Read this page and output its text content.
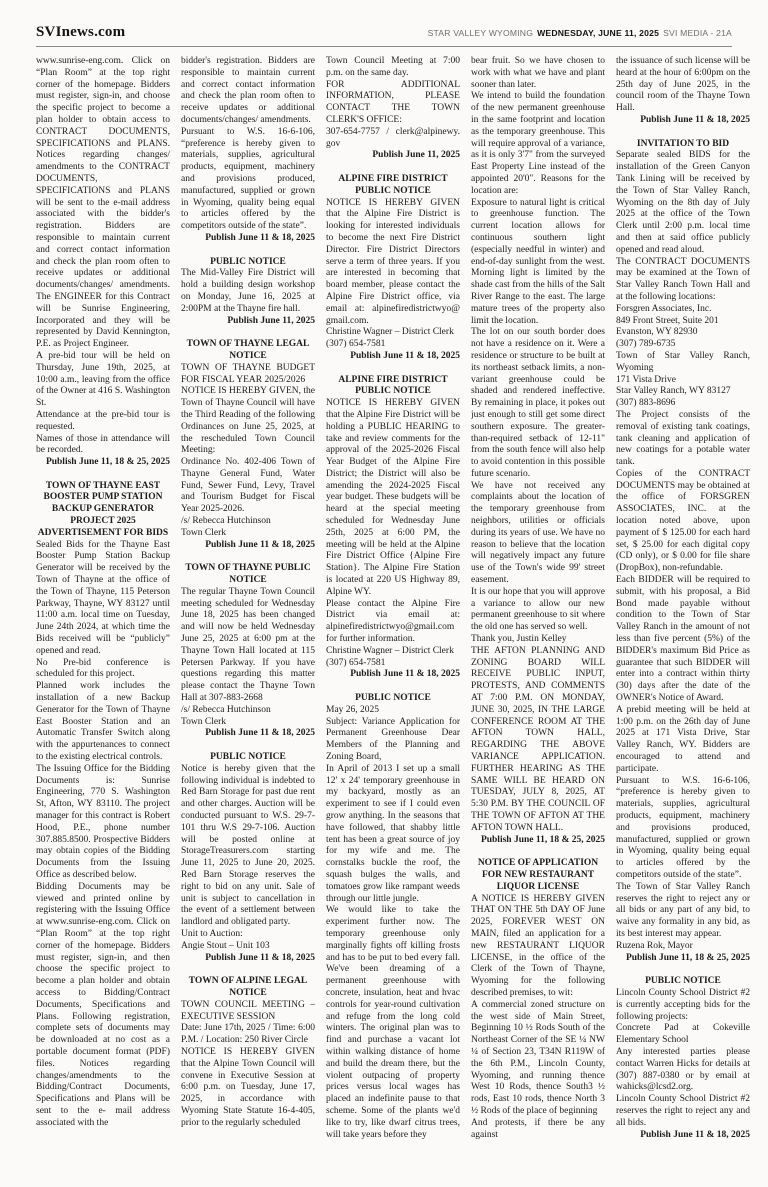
SVInews.com	STAR VALLEY WYOMING WEDNESDAY, JUNE 11, 2025 SVI MEDIA - 21A
www.sunrise-eng.com. Click on “Plan Room” at the top right corner of the homepage. Bidders must register, sign-in, and choose the specific project to become a plan holder to obtain access to CONTRACT DOCUMENTS, SPECIFICATIONS and PLANS. Notices regarding changes/ amendments to the CONTRACT DOCUMENTS, SPECIFICATIONS and PLANS will be sent to the e-mail address associated with the bidder's registration. Bidders are responsible to maintain current and correct contact information and check the plan room often to receive updates or additional documents/changes/ amendments. The ENGINEER for this Contract will be Sunrise Engineering, Incorporated and they will be represented by David Kennington, P.E. as Project Engineer.
A pre-bid tour will be held on Thursday, June 19th, 2025, at 10:00 a.m., leaving from the office of the Owner at 416 S. Washington St.
Attendance at the pre-bid tour is requested.
Names of those in attendance will be recorded.
Publish June 11, 18 & 25, 2025
TOWN OF THAYNE EAST BOOSTER PUMP STATION BACKUP GENERATOR PROJECT 2025 ADVERTISEMENT FOR BIDS
Sealed Bids for the Thayne East Booster Pump Station Backup Generator will be received by the Town of Thayne at the office of the Town of Thayne, 115 Peterson Parkway, Thayne, WY 83127 until 11:00 a.m. local time on Tuesday, June 24th 2024, at which time the Bids received will be “publicly” opened and read.
No Pre-bid conference is scheduled for this project.
Planned work includes the installation of a new Backup Generator for the Town of Thayne East Booster Station and an Automatic Transfer Switch along with the appurtenances to connect to the existing electrical controls.
The Issuing Office for the Bidding Documents is: Sunrise Engineering, 770 S. Washington St, Afton, WY 83110. The project manager for this contract is Robert Hood, P.E., phone number 307.885.8500. Prospective Bidders may obtain copies of the Bidding Documents from the Issuing Office as described below.
Bidding Documents may be viewed and printed online by registering with the Issuing Office at www.sunrise-eng.com. Click on “Plan Room” at the top right corner of the homepage. Bidders must register, sign-in, and then choose the specific project to become a plan holder and obtain access to Bidding/Contract Documents, Specifications and Plans. Following registration, complete sets of documents may be downloaded at no cost as a portable document format (PDF) files. Notices regarding changes/amendments to the Bidding/Contract Documents, Specifications and Plans will be sent to the e- mail address associated with the
bidder's registration. Bidders are responsible to maintain current and correct contact information and check the plan room often to receive updates or additional documents/changes/ amendments.
Pursuant to W.S. 16-6-106, “preference is hereby given to materials, supplies, agricultural products, equipment, machinery and provisions produced, manufactured, supplied or grown in Wyoming, quality being equal to articles offered by the competitors outside of the state”.
Publish June 11 & 18, 2025
PUBLIC NOTICE
The Mid-Valley Fire District will hold a building design workshop on Monday, June 16, 2025 at 2:00PM at the Thayne fire hall.
Publish June 11, 2025
TOWN OF THAYNE LEGAL NOTICE
TOWN OF THAYNE BUDGET FOR FISCAL YEAR 2025/2026
NOTICE IS HEREBY GIVEN, the Town of Thayne Council will have the Third Reading of the following Ordinances on June 25, 2025, at the rescheduled Town Council Meeting:
Ordinance No. 402-406 Town of Thayne General Fund, Water Fund, Sewer Fund, Levy, Travel and Tourism Budget for Fiscal Year 2025-2026.
/s/ Rebecca Hutchinson
Town Clerk
Publish June 11 & 18, 2025
TOWN OF THAYNE PUBLIC NOTICE
The regular Thayne Town Council meeting scheduled for Wednesday June 18, 2025 has been changed and will now be held Wednesday June 25, 2025 at 6:00 pm at the Thayne Town Hall located at 115 Petersen Parkway. If you have questions regarding this matter please contact the Thayne Town Hall at 307-883-2668
/s/ Rebecca Hutchinson
Town Clerk
Publish June 11 & 18, 2025
PUBLIC NOTICE
Notice is hereby given that the following individual is indebted to Red Barn Storage for past due rent and other charges. Auction will be conducted pursuant to W.S. 29-7-101 thru W.S 29-7-106. Auction will be posted online at StorageTreasurers.com starting June 11, 2025 to June 20, 2025. Red Barn Storage reserves the right to bid on any unit. Sale of unit is subject to cancellation in the event of a settlement between landlord and obligated party.
Unit to Auction:
Angie Stout – Unit 103
Publish June 11 & 18, 2025
TOWN OF ALPINE LEGAL NOTICE
TOWN COUNCIL MEETING – EXECUTIVE SESSION
Date: June 17th, 2025 / Time: 6:00 P.M. / Location: 250 River Circle
NOTICE IS HEREBY GIVEN that the Alpine Town Council will convene in Executive Session at 6:00 p.m. on Tuesday, June 17, 2025, in accordance with Wyoming State Statute 16-4-405, prior to the regularly scheduled
Town Council Meeting at 7:00 p.m. on the same day.
FOR ADDITIONAL INFORMATION, PLEASE CONTACT THE TOWN CLERK'S OFFICE:
307-654-7757 / clerk@alpinewy. gov
Publish June 11, 2025
ALPINE FIRE DISTRICT PUBLIC NOTICE
NOTICE IS HEREBY GIVEN that the Alpine Fire District is looking for interested individuals to become the next Fire District Director. Fire District Directors serve a term of three years. If you are interested in becoming that board member, please contact the Alpine Fire District office, via email at: alpinefiredistrictwyo@ gmail.com.
Christine Wagner – District Clerk
(307) 654-7581
Publish June 11 & 18, 2025
ALPINE FIRE DISTRICT PUBLIC NOTICE
NOTICE IS HEREBY GIVEN that the Alpine Fire District will be holding a PUBLIC HEARING to take and review comments for the approval of the 2025-2026 Fiscal Year Budget of the Alpine Fire District; the District will also be amending the 2024-2025 Fiscal year budget. These budgets will be heard at the special meeting scheduled for Wednesday June 25th, 2025 at 6:00 PM, the meeting will be held at the Alpine Fire District Office {Alpine Fire Station}. The Alpine Fire Station is located at 220 US Highway 89, Alpine WY.
Please contact the Alpine Fire District via email at: alpinefiredistrictwyo@gmail.com for further information.
Christine Wagner – District Clerk
(307) 654-7581
Publish June 11 & 18, 2025
PUBLIC NOTICE
May 26, 2025
Subject: Variance Application for Permanent Greenhouse Dear Members of the Planning and Zoning Board,
In April of 2013 I set up a small 12' x 24' temporary greenhouse in my backyard, mostly as an experiment to see if I could even grow anything. In the seasons that have followed, that shabby little tent has been a great source of joy for my wife and me. The cornstalks buckle the roof, the squash bulges the walls, and tomatoes grow like rampant weeds through our little jungle.
We would like to take the experiment further now. The temporary greenhouse only marginally fights off killing frosts and has to be put to bed every fall. We've been dreaming of a permanent greenhouse with concrete, insulation, heat and hvac controls for year-round cultivation and refuge from the long cold winters. The original plan was to find and purchase a vacant lot within walking distance of home and build the dream there, but the violent outpacing of property prices versus local wages has placed an indefinite pause to that scheme. Some of the plants we'd like to try, like dwarf citrus trees, will take years before they
bear fruit. So we have chosen to work with what we have and plant sooner than later.
We intend to build the foundation of the new permanent greenhouse in the same footprint and location as the temporary greenhouse. This will require approval of a variance, as it is only 3'7" from the surveyed East Property Line instead of the appointed 20'0". Reasons for the location are:
Exposure to natural light is critical to greenhouse function. The current location allows for continuous southern light (especially needful in winter) and end-of-day sunlight from the west. Morning light is limited by the shade cast from the hills of the Salt River Range to the east. The large mature trees of the property also limit the location.
The lot on our south border does not have a residence on it. Were a residence or structure to be built at its northeast setback limits, a non-variant greenhouse could be shaded and rendered ineffective. By remaining in place, it pokes out just enough to still get some direct southern exposure. The greater- than-required setback of 12-11" from the south fence will also help to avoid contention in this possible future scenario.
We have not received any complaints about the location of the temporary greenhouse from neighbors, utilities or officials during its years of use. We have no reason to believe that the location will negatively impact any future use of the Town's wide 99' street easement.
It is our hope that you will approve a variance to allow our new permanent greenhouse to sit where the old one has served so well.
Thank you, Justin Kelley
THE AFTON PLANNING AND ZONING BOARD WILL RECEIVE PUBLIC INPUT, PROTESTS, AND COMMENTS AT 7:00 P.M. ON MONDAY, JUNE 30, 2025, IN THE LARGE CONFERENCE ROOM AT THE AFTON TOWN HALL, REGARDING THE ABOVE VARIANCE APPLICATION. FURTHER HEARING AS THE SAME WILL BE HEARD ON TUESDAY, JULY 8, 2025, AT 5:30 P.M. BY THE COUNCIL OF THE TOWN OF AFTON AT THE AFTON TOWN HALL.
Publish June 11, 18 & 25, 2025
NOTICE OF APPLICATION FOR NEW RESTAURANT LIQUOR LICENSE
A NOTICE IS HEREBY GIVEN THAT ON THE 5th DAY OF June 2025, FOREVER WEST ON MAIN, filed an application for a new RESTAURANT LIQUOR LICENSE, in the office of the Clerk of the Town of Thayne, Wyoming for the following described premises, to wit:
A commercial zoned structure on the west side of Main Street, Beginning 10 ½ Rods South of the Northeast Corner of the SE ¼ NW ¼ of Section 23, T34N R119W of the 6th P.M., Lincoln County, Wyoming, and running thence West 10 Rods, thence South3 ½ rods, East 10 rods, thence North 3 ½ Rods of the place of beginning
And protests, if there be any against
the issuance of such license will be heard at the hour of 6:00pm on the 25th day of June 2025, in the council room of the Thayne Town Hall.
Publish June 11 & 18, 2025
INVITATION TO BID
Separate sealed BIDS for the installation of the Green Canyon Tank Lining will be received by the Town of Star Valley Ranch, Wyoming on the 8th day of July 2025 at the office of the Town Clerk until 2:00 p.m. local time and then at said office publicly opened and read aloud.
The CONTRACT DOCUMENTS may be examined at the Town of Star Valley Ranch Town Hall and at the following locations:
Forsgren Associates, Inc.
849 Front Street, Suite 201
Evanston, WY 82930
(307) 789-6735
Town of Star Valley Ranch, Wyoming
171 Vista Drive
Star Valley Ranch, WY 83127
(307) 883-8696
The Project consists of the removal of existing tank coatings, tank cleaning and application of new coatings for a potable water tank.
Copies of the CONTRACT DOCUMENTS may be obtained at the office of FORSGREN ASSOCIATES, INC. at the location noted above, upon payment of $ 125.00 for each hard set, $ 25.00 for each digital copy (CD only), or $ 0.00 for file share (DropBox), non-refundable.
Each BIDDER will be required to submit, with his proposal, a Bid Bond made payable without condition to the Town of Star Valley Ranch in the amount of not less than five percent (5%) of the BIDDER's maximum Bid Price as guarantee that such BIDDER will enter into a contract within thirty (30) days after the date of the OWNER's Notice of Award.
A prebid meeting will be held at 1:00 p.m. on the 26th day of June 2025 at 171 Vista Drive, Star Valley Ranch, WY. Bidders are encouraged to attend and participate.
Pursuant to W.S. 16-6-106, “preference is hereby given to materials, supplies, agricultural products, equipment, machinery and provisions produced, manufactured, supplied or grown in Wyoming, quality being equal to articles offered by the competitors outside of the state”.
The Town of Star Valley Ranch reserves the right to reject any or all bids or any part of any bid, to waive any formality in any bid, as its best interest may appear.
Ruzena Rok, Mayor
Publish June 11, 18 & 25, 2025
PUBLIC NOTICE
Lincoln County School District #2 is currently accepting bids for the following projects:
Concrete Pad at Cokeville Elementary School
Any interested parties please contact Warren Hicks for details at (307) 887-0380 or by email at wahicks@lcsd2.org.
Lincoln County School District #2 reserves the right to reject any and all bids.
Publish June 11 & 18, 2025
